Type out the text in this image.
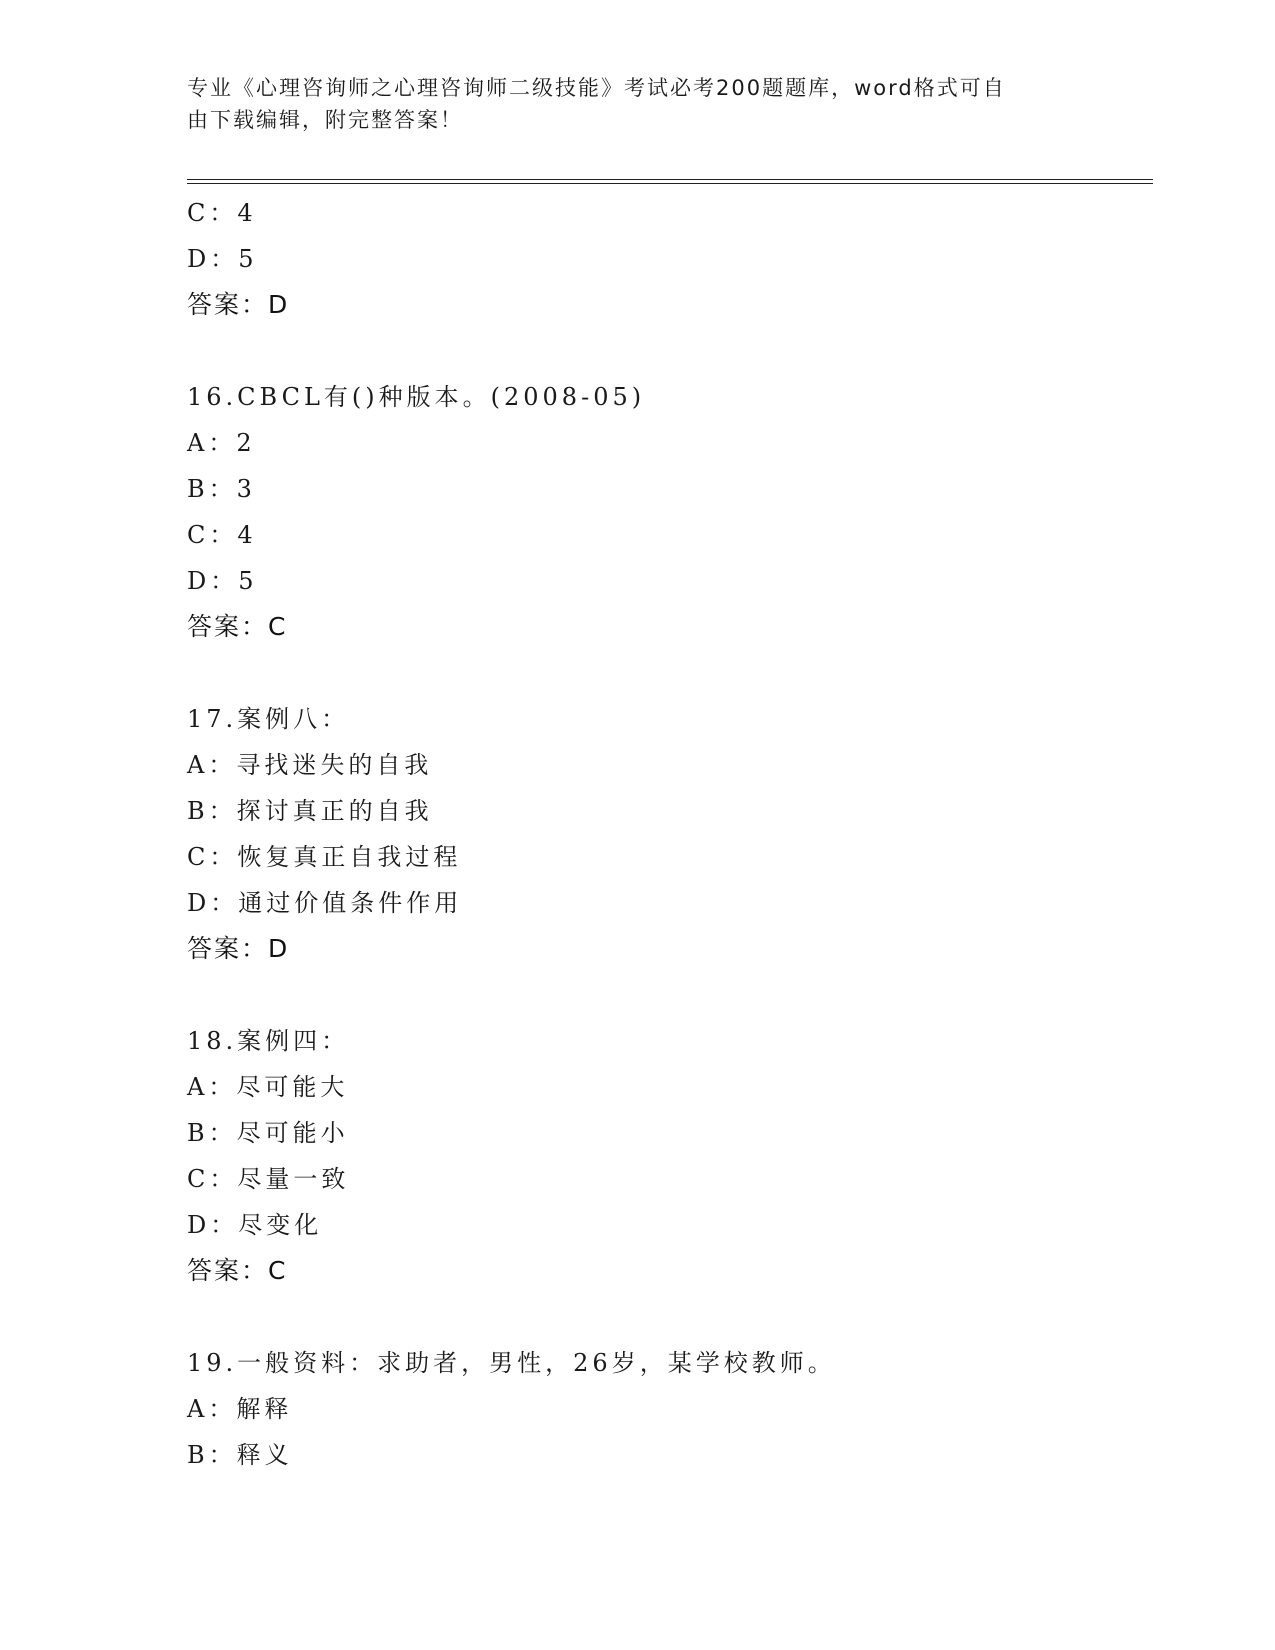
专业《心理咨询师之心理咨询师二级技能》考试必考200题题库，word格式可自
由下载编辑，附完整答案！
C：4
D：5
答案：D
16.CBCL有()种版本。(2008-05)
A：2
B：3
C：4
D：5
答案：C
17.案例八：
A：寻找迷失的自我
B：探讨真正的自我
C：恢复真正自我过程
D：通过价值条件作用
答案：D
18.案例四：
A：尽可能大
B：尽可能小
C：尽量一致
D：尽变化
答案：C
19.一般资料：求助者，男性，26岁，某学校教师。
A：解释
B：释义
